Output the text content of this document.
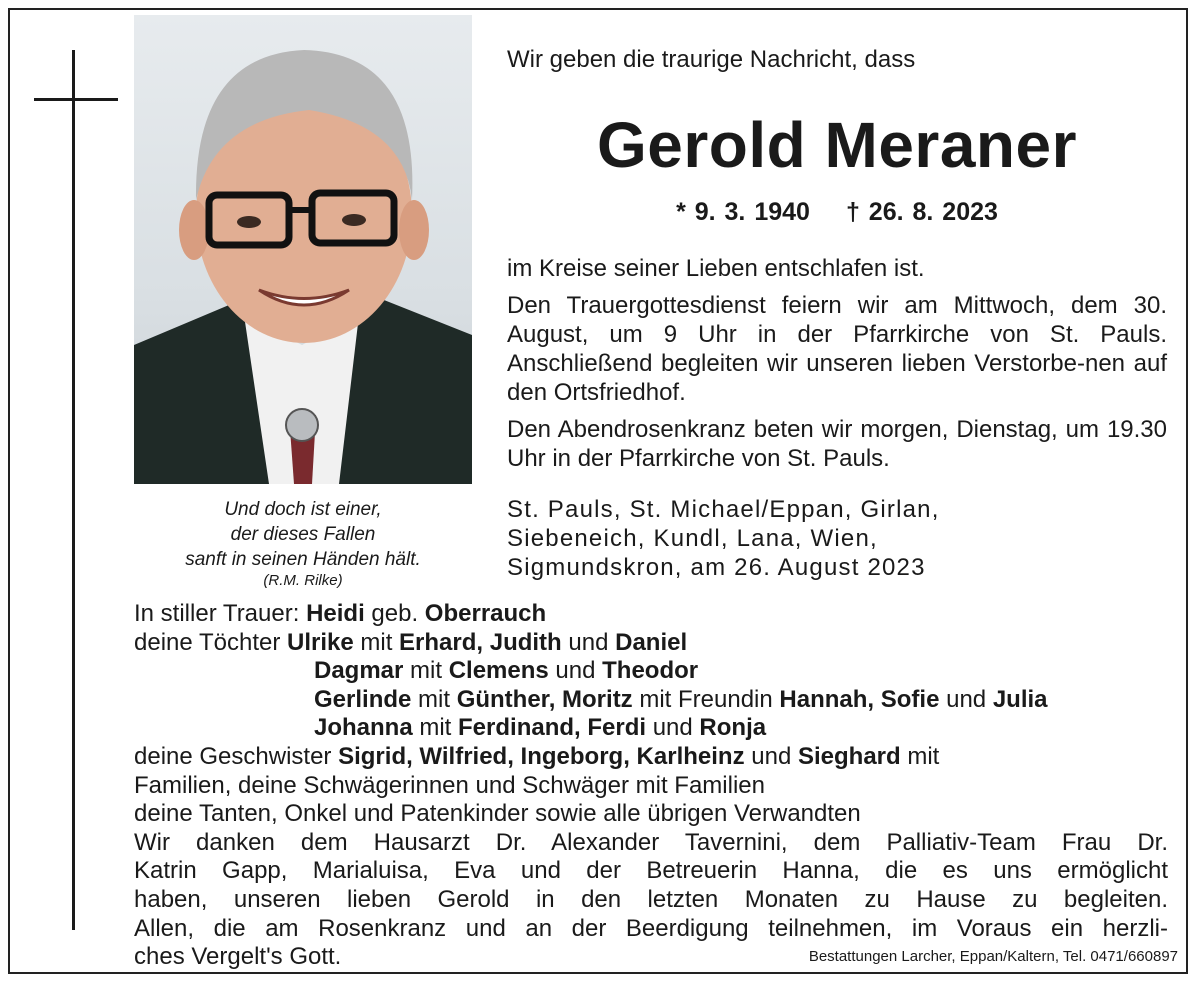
Und doch ist einer,
der dieses Fallen
sanft in seinen Händen hält.
(R.M. Rilke)
Wir geben die traurige Nachricht, dass
Gerold Meraner
* 9. 3. 1940 † 26. 8. 2023

im Kreise seiner Lieben entschlafen ist.

Den Trauergottesdienst feiern wir am Mittwoch, dem 30. August, um 9 Uhr in der Pfarrkirche von St. Pauls. Anschließend begleiten wir unseren lieben Verstorbe-nen auf den Ortsfriedhof.

Den Abendrosenkranz beten wir morgen, Dienstag, um 19.30 Uhr in der Pfarrkirche von St. Pauls.

St. Pauls, St. Michael/Eppan, Girlan,
Siebeneich, Kundl, Lana, Wien,
Sigmundskron, am 26. August 2023
In stiller Trauer: Heidi geb. Oberrauch
deine Töchter Ulrike mit Erhard, Judith und Daniel
Dagmar mit Clemens und Theodor
Gerlinde mit Günther, Moritz mit Freundin Hannah, Sofie und Julia
Johanna mit Ferdinand, Ferdi und Ronja
deine Geschwister Sigrid, Wilfried, Ingeborg, Karlheinz und Sieghard mit
Familien, deine Schwägerinnen und Schwäger mit Familien
deine Tanten, Onkel und Patenkinder sowie alle übrigen Verwandten
Wir danken dem Hausarzt Dr. Alexander Tavernini, dem Palliativ-Team Frau Dr.
Katrin Gapp, Marialuisa, Eva und der Betreuerin Hanna, die es uns ermöglicht
haben, unseren lieben Gerold in den letzten Monaten zu Hause zu begleiten.
Allen, die am Rosenkranz und an der Beerdigung teilnehmen, im Voraus ein herzli-
ches Vergelt's Gott.	Bestattungen Larcher, Eppan/Kaltern, Tel. 0471/660897
